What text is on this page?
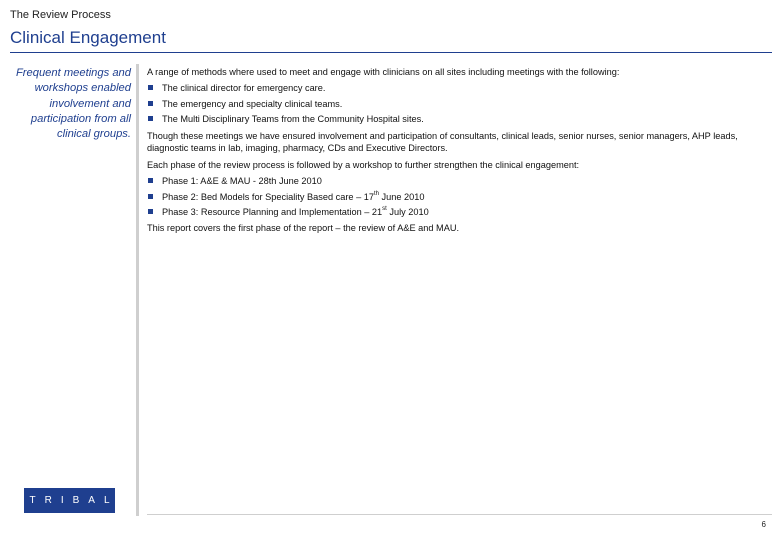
The Review Process
Clinical Engagement
Frequent meetings and workshops enabled involvement and participation from all clinical groups.

A range of methods where used to meet and engage with clinicians on all sites including meetings with the following:

The clinical director for emergency care.
The emergency and specialty clinical teams.
The Multi Disciplinary Teams from the Community Hospital sites.

Though these meetings we have ensured involvement and participation of consultants, clinical leads, senior nurses, senior managers, AHP leads, diagnostic teams in lab, imaging, pharmacy, CDs and Executive Directors.

Each phase of the review process is followed by a workshop to further strengthen the clinical engagement:

Phase 1: A&E & MAU - 28th June 2010
Phase 2: Bed Models for Speciality Based care – 17th June 2010
Phase 3: Resource Planning and Implementation – 21st July 2010

This report covers the first phase of the report – the review of A&E and MAU.

TRIBAL
6
